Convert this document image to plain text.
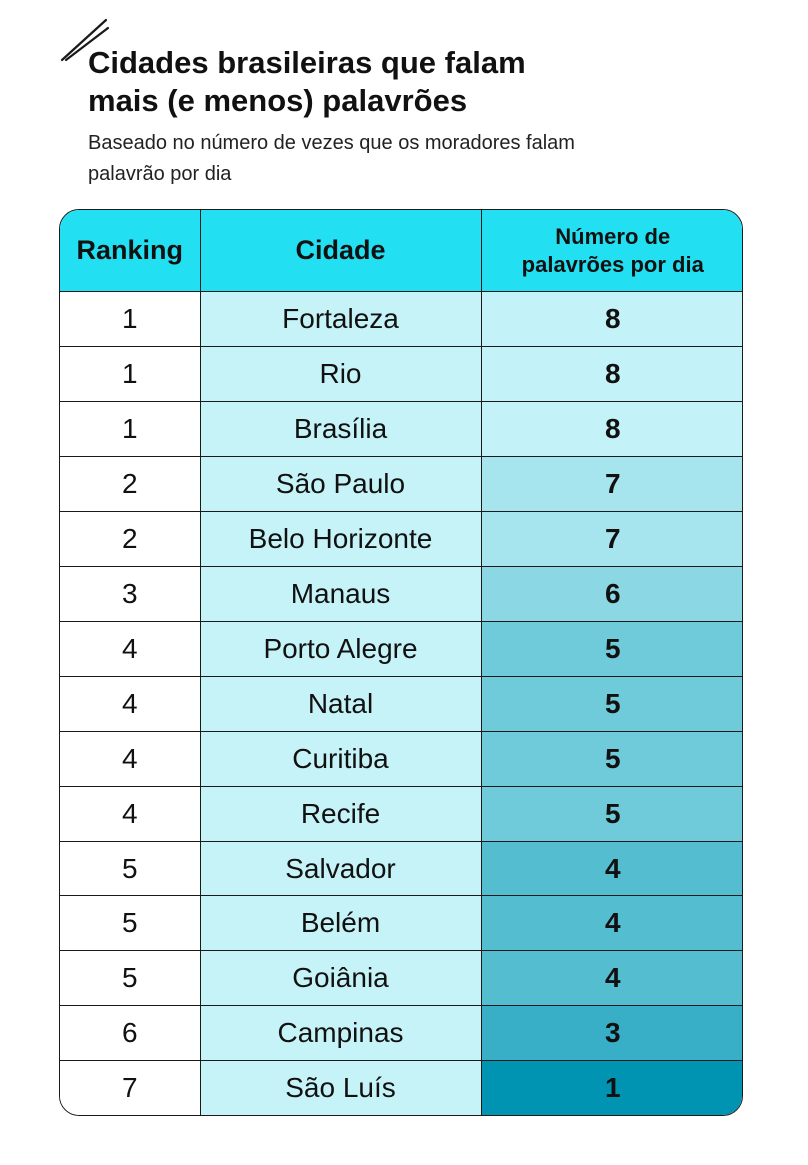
Cidades brasileiras que falam
mais (e menos) palavrões

Baseado no número de vezes que os moradores falam
palavrão por dia

Ranking	Cidade	Número de
palavrões por dia

1	Fortaleza	8
1	Rio	8
1	Brasília	8
2	São Paulo	7
2	Belo Horizonte	7
3	Manaus	6
4	Porto Alegre	5
4	Natal	5
4	Curitiba	5
4	Recife	5
5	Salvador	4
5	Belém	4
5	Goiânia	4
6	Campinas	3
7	São Luís	1
